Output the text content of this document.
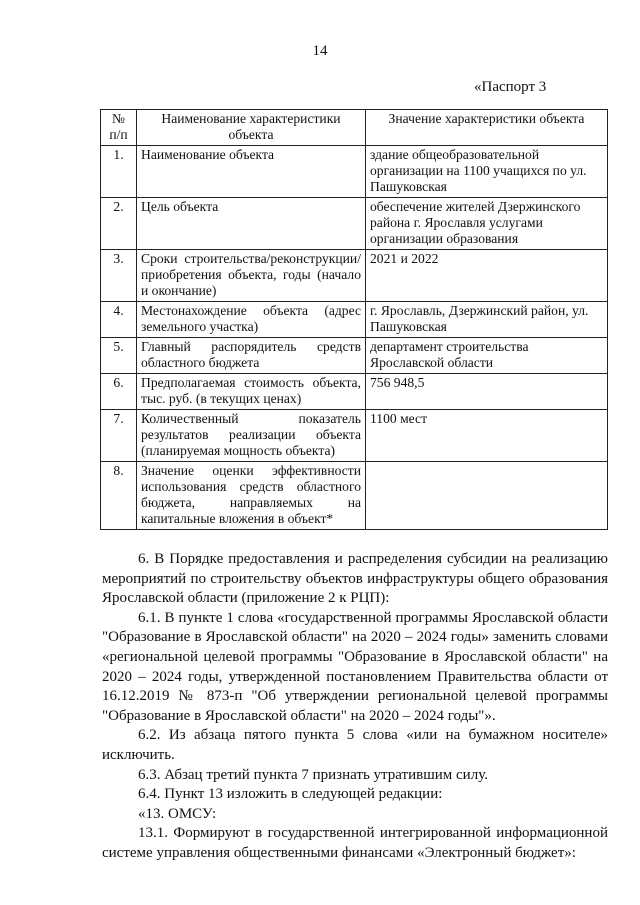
14
«Паспорт 3
№ п/п	Наименование характеристики объекта	Значение характеристики объекта
1.	Наименование объекта	здание общеобразовательной организации на 1100 учащихся по ул. Пашуковская
2.	Цель объекта	обеспечение жителей Дзержинского района г. Ярославля услугами организации образования
3.	Сроки строительства/реконструкции/ приобретения объекта, годы (начало и окончание)	2021 и 2022
4.	Местонахождение объекта (адрес земельного участка)	г. Ярославль, Дзержинский район, ул. Пашуковская
5.	Главный распорядитель средств областного бюджета	департамент строительства Ярославской области
6.	Предполагаемая стоимость объекта, тыс. руб. (в текущих ценах)	756 948,5
7.	Количественный показатель результатов реализации объекта (планируемая мощность объекта)	1100 мест
8.	Значение оценки эффективности использования средств областного бюджета, направляемых на капитальные вложения в объект*	

6. В Порядке предоставления и распределения субсидии на реализацию мероприятий по строительству объектов инфраструктуры общего образования Ярославской области (приложение 2 к РЦП):

6.1. В пункте 1 слова «государственной программы Ярославской области "Образование в Ярославской области" на 2020 – 2024 годы» заменить словами «региональной целевой программы "Образование в Ярославской области" на 2020 – 2024 годы, утвержденной постановлением Правительства области от 16.12.2019 № 873-п "Об утверждении региональной целевой программы "Образование в Ярославской области" на 2020 – 2024 годы"».

6.2. Из абзаца пятого пункта 5 слова «или на бумажном носителе» исключить.

6.3. Абзац третий пункта 7 признать утратившим силу.

6.4. Пункт 13 изложить в следующей редакции:

«13. ОМСУ:

13.1. Формируют в государственной интегрированной информационной системе управления общественными финансами «Электронный бюджет»:
